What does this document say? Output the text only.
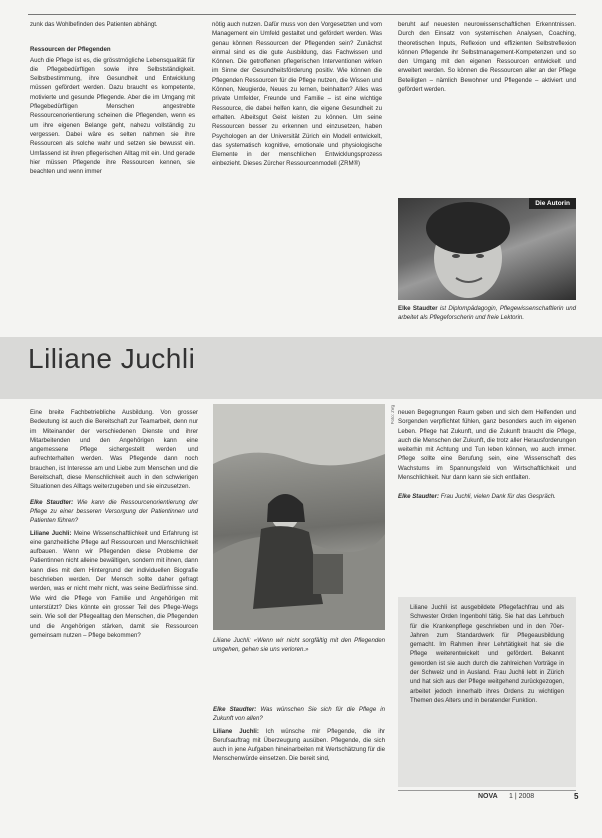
zunk das Wohlbefinden des Patienten abhängt.

Ressourcen der Pflegenden

Auch die Pflege ist es, die grösstmögliche Lebensqualität für die Pflegebedürftigen sowie ihre Selbstständigkeit. Selbstbestimmung, ihre Gesundheit und Entwicklung müssen gefördert werden. Dazu braucht es kompetente, motivierte und gesunde Pflegende. Aber die im Umgang mit Pflegebedürftigen Menschen angestrebte Ressourcenorientierung scheinen die Pflegenden, wenn es um ihre eigenen Belange geht, nahezu vollständig zu vergessen. Dabei wäre es selten nahmen sie ihre Ressourcen als solche wahr und setzen sie bewusst ein. Umfassend ist ihren pflegerischen Alltag mit ein. Und gerade hier müssen Pflegende ihre Ressourcen kennen, sie beachten und wenn immer

nötig auch nutzen. Dafür muss von den Vorgesetzten und vom Management ein Umfeld gestaltet und gefördert werden. Was genau können Ressourcen der Pflegenden sein? Zunächst einmal sind es die gute Ausbildung, das Fachwissen und Können. Die getroffenen pflegerischen Interventionen wirken im Sinne der Gesundheitsförderung positiv. Wie können die Pflegenden Ressourcen für die Pflege nutzen, die Wissen und Können, Neugierde, Neues zu lernen, beinhalten? Alles was private Umfelder, Freunde und Familie – ist eine wichtige Ressource, die dabei helfen kann, die eigene Gesundheit zu erhalten. Albeitsgut Geist leisten zu können. Um seine Ressourcen besser zu erkennen und einzusetzen, haben Psychologen an der Universität Zürich ein Modell entwickelt, das systematisch kognitive, emotionale und physiologische Elemente in der menschlichen Entwicklungsprozess einbezieht. Dieses Zürcher Ressourcenmodell (ZRM®)

beruht auf neuesten neurowissenschaftlichen Erkenntnissen. Durch den Einsatz von systemischen Analysen, Coaching, theoretischen Inputs, Reflexion und effizienten Selbstreflexion können Pflegende ihr Selbstmanagement-Kompetenzen und so den Umgang mit den eigenen Ressourcen entwickelt und erweitert werden. So können die Ressourcen aller an der Pflege Beteiligten – nämlich Bewohner und Pflegende – aktiviert und gefördert werden.

Die Autorin

Elke Staudter ist Diplompädagogin, Pflegewissenschaftlerin und arbeitet als Pflegeforscherin und freie Lektorin.

Liliane Juchli

Eine breite Fachbetriebliche Ausbildung. Von grosser Bedeutung ist auch die Bereitschaft zur Teamarbeit, denn nur im Miteinander der verschiedenen Dienste und ihrer Mitarbeitenden und den Angehörigen kann eine angemessene Pflege sichergestellt werden und aufrechterhalten werden. Was Pflegende dann noch brauchen, ist Interesse am und Liebe zum Menschen und die Bereitschaft, diese Menschlichkeit auch in den schwierigen Situationen des Alltags weiterzugeben und sie einzusetzen.

Elke Staudter: Wie kann die Ressourcenorientierung der Pflege zu einer besseren Versorgung der Patientinnen und Patienten führen?

Liliane Juchli: Meine Wissenschaftlichkeit und Erfahrung ist eine ganzheitliche Pflege auf Ressourcen und Menschlichkeit aufbauen. Wenn wir Pflegenden diese Probleme der Patientinnen nicht alleine bewältigen, sondern mit ihnen, dann kann dies mit dem Hintergrund der individuellen Biografie beschrieben werden. Der Mensch sollte daher gefragt werden, was er nicht mehr nicht, was seine Bedürfnisse sind. Wie wird die Pflege von Familie und Angehörigen mit unterstützt? Dies könnte ein grosser Teil des Pflege-Wegs sein. Wie soll der Pflegealltag den Menschen, die Pflegenden und die Angehörigen stärken, damit sie Ressourcen gemeinsam nutzen – Pflege bekommen?

Foto: zVg

Liliane Juchli: «Wenn wir nicht sorgfältig mit den Pflegenden umgehen, gehen sie uns verloren.»

Elke Staudter: Was wünschen Sie sich für die Pflege in Zukunft von allen?

Liliane Juchli: Ich wünsche mir Pflegende, die ihr Berufsauftrag mit Überzeugung ausüben. Pflegende, die sich auch in jene Aufgaben hineinarbeiten mit Wertschätzung für die Menschenwürde einsetzen. Die bereit sind,

neuen Begegnungen Raum geben und sich dem Helfenden und Sorgenden verpflichtet fühlen, ganz besonders auch im eigenen Leben. Pflege hat Zukunft, und die Zukunft braucht die Pflege, auch die Menschen der Zukunft, die trotz aller Herausforderungen weiterhin mit Achtung und Tun leben können, wo auch immer. Pflege sollte eine Berufung sein, eine Wissenschaft des Wachstums im Spannungsfeld von Wirtschaftlichkeit und Menschlichkeit. Nur dann kann sie sich entfalten.

Elke Staudter: Frau Juchli, vielen Dank für das Gespräch.

Liliane Juchli ist ausgebildete Pflegefachfrau und als Schwester Orden Ingenbohl tätig. Sie hat das Lehrbuch für die Krankenpflege geschrieben und in den 70er-Jahren zum Standardwerk für Pflegeausbildung gemacht. Im Rahmen ihrer Lehrtätigkeit hat sie die Pflege weiterentwickelt und gefördert. Bekannt geworden ist sie auch durch die zahlreichen Vorträge in der Schweiz und in Ausland. Frau Juchli lebt in Zürich und hat sich aus der Pflege weitgehend zurückgezogen, arbeitet jedoch innerhalb ihres Ordens zu wichtigen Themen des Alters und in beratender Funktion.

NOVA 1 | 2008	5
